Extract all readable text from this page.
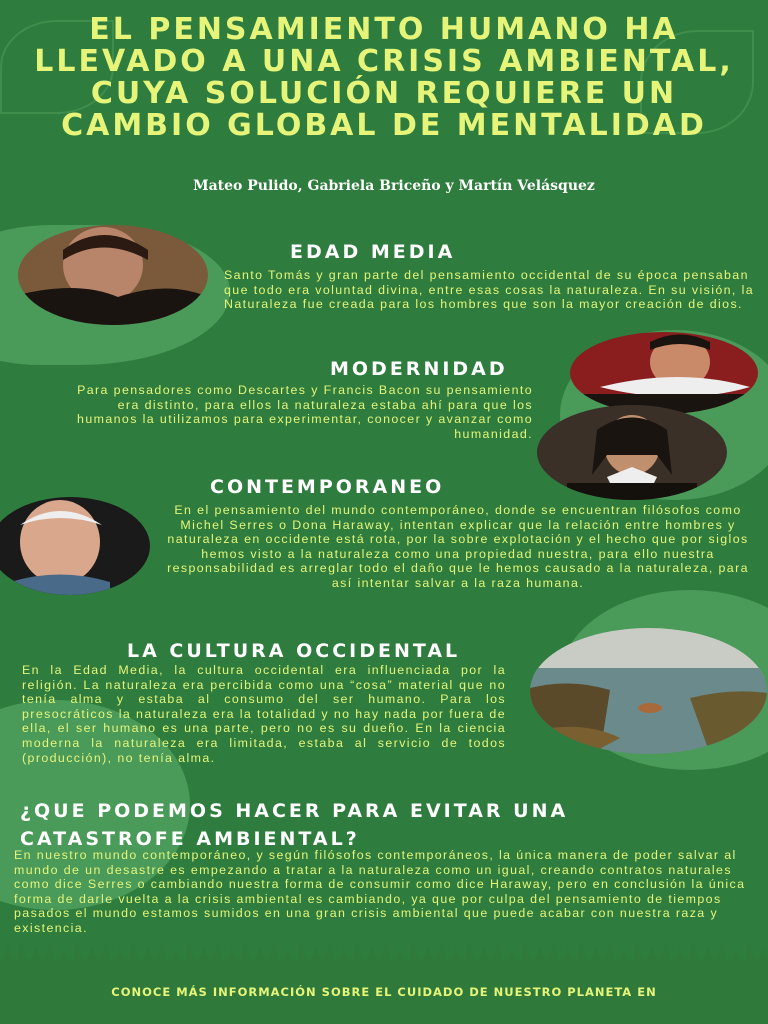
EL PENSAMIENTO HUMANO HA LLEVADO A UNA CRISIS AMBIENTAL, CUYA SOLUCIÓN REQUIERE UN CAMBIO GLOBAL DE MENTALIDAD
Mateo Pulido, Gabriela Briceño y Martín Velásquez
EDAD MEDIA

Santo Tomás y gran parte del pensamiento occidental de su época pensaban que todo era voluntad divina, entre esas cosas la naturaleza. En su visión, la Naturaleza fue creada para los hombres que son la mayor creación de dios.

MODERNIDAD

Para pensadores como Descartes y Francis Bacon su pensamiento era distinto, para ellos la naturaleza estaba ahí para que los humanos la utilizamos para experimentar, conocer y avanzar como humanidad.

CONTEMPORANEO

En el pensamiento del mundo contemporáneo, donde se encuentran filósofos como Michel Serres o Dona Haraway, intentan explicar que la relación entre hombres y naturaleza en occidente está rota, por la sobre explotación y el hecho que por siglos hemos visto a la naturaleza como una propiedad nuestra, para ello nuestra responsabilidad es arreglar todo el daño que le hemos causado a la naturaleza, para así intentar salvar a la raza humana.

LA CULTURA OCCIDENTAL

En la Edad Media, la cultura occidental era influenciada por la religión. La naturaleza era percibida como una “cosa” material que no tenía alma y estaba al consumo del ser humano. Para los presocráticos la naturaleza era la totalidad y no hay nada por fuera de ella, el ser humano es una parte, pero no es su dueño. En la ciencia moderna la naturaleza era limitada, estaba al servicio de todos (producción), no tenía alma.

¿QUE PODEMOS HACER PARA EVITAR UNA CATASTROFE AMBIENTAL?

En nuestro mundo contemporáneo, y según filósofos contemporáneos, la única manera de poder salvar al mundo de un desastre es empezando a tratar a la naturaleza como un igual, creando contratos naturales como dice Serres o cambiando nuestra forma de consumir como dice Haraway, pero en conclusión la única forma de darle vuelta a la crisis ambiental es cambiando, ya que por culpa del pensamiento de tiempos pasados el mundo estamos sumidos en una gran crisis ambiental que puede acabar con nuestra raza y existencia.

CONOCE MÁS INFORMACIÓN SOBRE EL CUIDADO DE NUESTRO PLANETA EN
